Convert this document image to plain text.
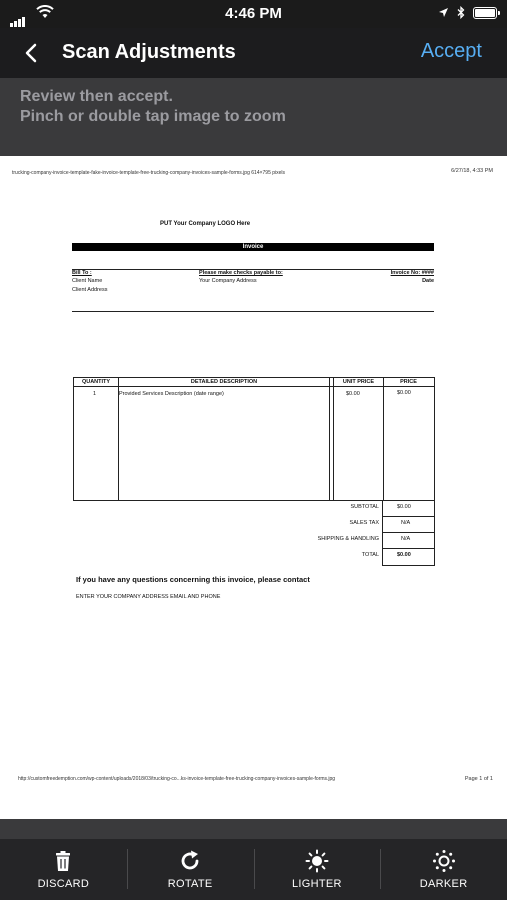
4:46 PM
Scan Adjustments	Accept
Review then accept.
Pinch or double tap image to zoom
trucking-company-invoice-template-fake-invoice-template-free-trucking-company-invoices-sample-forms.jpg 614×795 pixels	6/27/18, 4:33 PM
PUT Your Company LOGO Here
Invoice
Bill To :
Client Name
Client Address
Please make checks payable to:
Your Company Address
Invoice No: ####
Date
QUANTITY	DETAILED DESCRIPTION	UNIT PRICE	PRICE
1	Provided Services Description (date range)	$0.00	$0.00
SUBTOTAL	$0.00
SALES TAX	N/A
SHIPPING & HANDLING	N/A
TOTAL	$0.00
If you have any questions concerning this invoice, please contact
ENTER YOUR COMPANY ADDRESS EMAIL AND PHONE
http://customfreedemption.com/wp-content/uploads/2018/03/trucking-co...ks-invoice-template-free-trucking-company-invoices-sample-forms.jpg	Page 1 of 1
DISCARD	ROTATE	LIGHTER	DARKER
